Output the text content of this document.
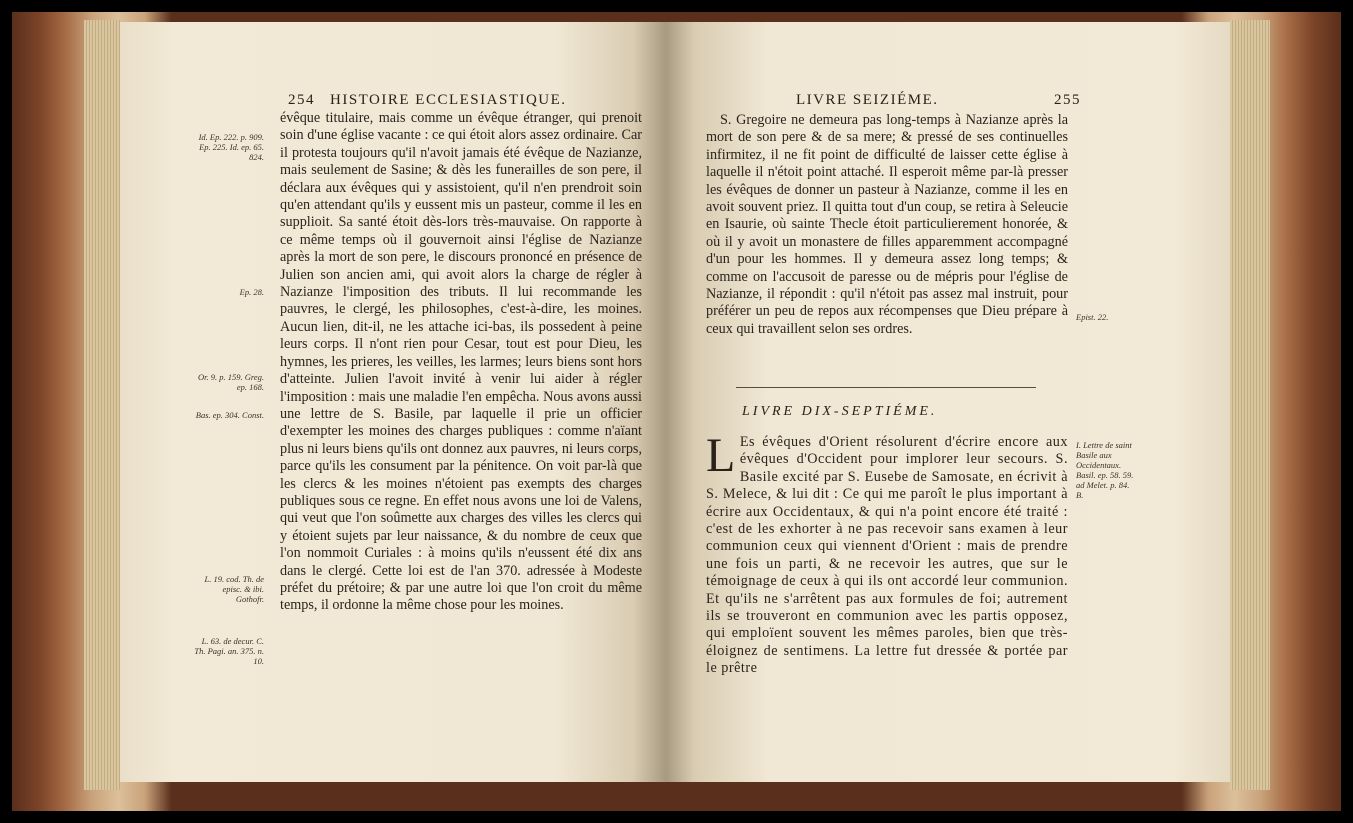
254 HISTOIRE ECCLESIASTIQUE.
Id. Ep. 222. p. 909. Ep. 225. Id. ep. 65. 824.
Ep. 28.
Or. 9. p. 159. Greg. ep. 168.
Bas. ep. 304. Const.
L. 19. cod. Th. de episc. & ibi. Gothofr.
L. 63. de decur. C. Th. Pagi. an. 375. n. 10.

évêque titulaire, mais comme un évêque étranger, qui prenoit soin d'une église vacante : ce qui étoit alors assez ordinaire. Car il protesta toujours qu'il n'avoit jamais été évêque de Nazianze, mais seulement de Sasine; & dès les funerailles de son pere, il déclara aux évêques qui y assistoient, qu'il n'en prendroit soin qu'en attendant qu'ils y eussent mis un pasteur, comme il les en supplioit. Sa santé étoit dès-lors très-mauvaise. On rapporte à ce même temps où il gouvernoit ainsi l'église de Nazianze après la mort de son pere, le discours prononcé en présence de Julien son ancien ami, qui avoit alors la charge de régler à Nazianze l'imposition des tributs. Il lui recommande les pauvres, le clergé, les philosophes, c'est-à-dire, les moines. Aucun lien, dit-il, ne les attache ici-bas, ils possedent à peine leurs corps. Il n'ont rien pour Cesar, tout est pour Dieu, les hymnes, les prieres, les veilles, les larmes; leurs biens sont hors d'atteinte. Julien l'avoit invité à venir lui aider à régler l'imposition : mais une maladie l'en empêcha. Nous avons aussi une lettre de S. Basile, par laquelle il prie un officier d'exempter les moines des charges publiques : comme n'aïant plus ni leurs biens qu'ils ont donnez aux pauvres, ni leurs corps, parce qu'ils les consument par la pénitence. On voit par-là que les clercs & les moines n'étoient pas exempts des charges publiques sous ce regne. En effet nous avons une loi de Valens, qui veut que l'on soûmette aux charges des villes les clercs qui y étoient sujets par leur naissance, & du nombre de ceux que l'on nommoit Curiales : à moins qu'ils n'eussent été dix ans dans le clergé. Cette loi est de l'an 370. adressée à Modeste préfet du prétoire; & par une autre loi que l'on croit du même temps, il ordonne la même chose pour les moines.

LIVRE SEIZIÉME.	255

S. Gregoire ne demeura pas long-temps à Nazianze après la mort de son pere & de sa mere; & pressé de ses continuelles infirmitez, il ne fit point de difficulté de laisser cette église à laquelle il n'étoit point attaché. Il esperoit même par-là presser les évêques de donner un pasteur à Nazianze, comme il les en avoit souvent priez. Il quitta tout d'un coup, se retira à Seleucie en Isaurie, où sainte Thecle étoit particulierement honorée, & où il y avoit un monastere de filles apparemment accompagné d'un pour les hommes. Il y demeura assez long temps; & comme on l'accusoit de paresse ou de mépris pour l'église de Nazianze, il répondit : qu'il n'étoit pas assez mal instruit, pour préférer un peu de repos aux récompenses que Dieu prépare à ceux qui travaillent selon ses ordres.

Epist. 22.
LIVRE DIX-SEPTIÉME.
L Es évêques d'Orient résolurent d'écrire encore aux évêques d'Occident pour implorer leur secours. S. Basile excité par S. Eusebe de Samosate, en écrivit à S. Melece, & lui dit : Ce qui me paroît le plus important à écrire aux Occidentaux, & qui n'a point encore été traité : c'est de les exhorter à ne pas recevoir sans examen à leur communion ceux qui viennent d'Orient : mais de prendre une fois un parti, & ne recevoir les autres, que sur le témoignage de ceux à qui ils ont accordé leur communion. Et qu'ils ne s'arrêtent pas aux formules de foi; autrement ils se trouveront en communion avec les partis opposez, qui emploïent souvent les mêmes paroles, bien que très-éloignez de sentimens. La lettre fut dressée & portée par le prêtre
I. Lettre de saint Basile aux Occidentaux. Basil. ep. 58. 59. ad Melet. p. 84. B.
